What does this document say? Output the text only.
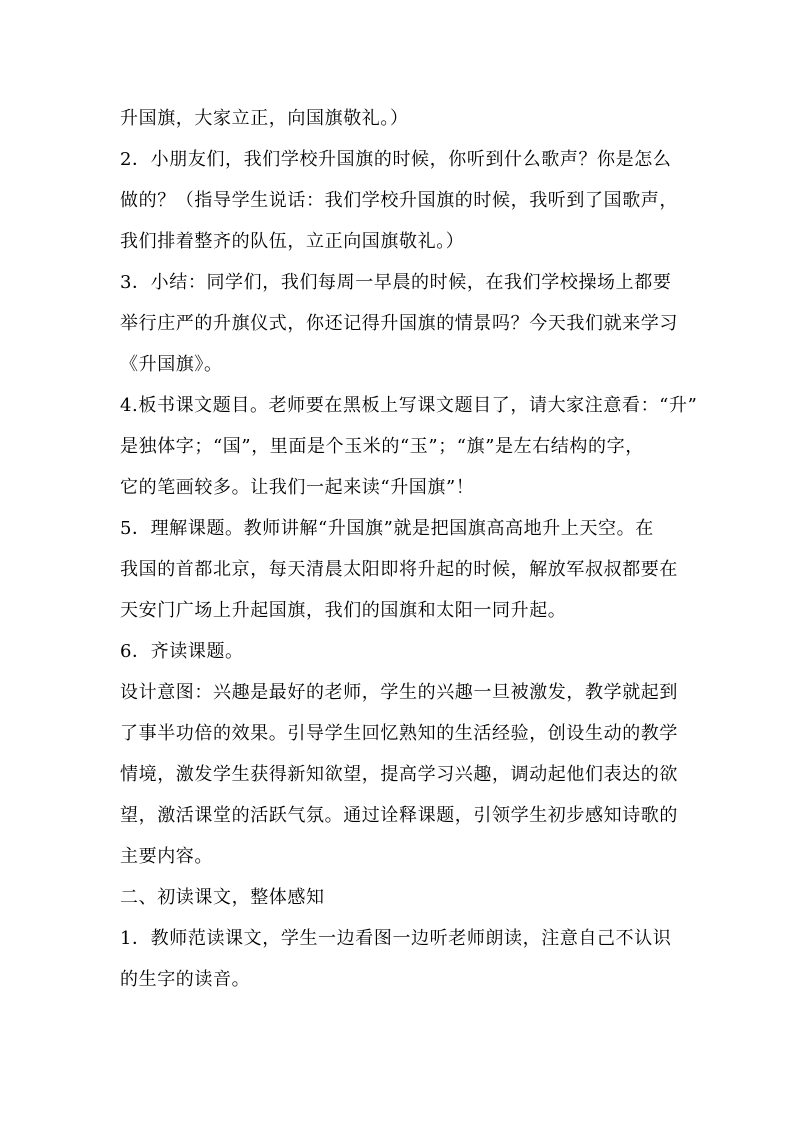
升国旗，大家立正，向国旗敬礼。）
2．小朋友们，我们学校升国旗的时候，你听到什么歌声？你是怎么
做的？（指导学生说话：我们学校升国旗的时候，我听到了国歌声，
我们排着整齐的队伍，立正向国旗敬礼。）
3．小结：同学们，我们每周一早晨的时候，在我们学校操场上都要
举行庄严的升旗仪式，你还记得升国旗的情景吗？今天我们就来学习
《升国旗》。
4.板书课文题目。老师要在黑板上写课文题目了，请大家注意看：“升”
是独体字；“国”，里面是个玉米的“玉”；“旗”是左右结构的字，
它的笔画较多。让我们一起来读“升国旗”！
5．理解课题。教师讲解“升国旗”就是把国旗高高地升上天空。在
我国的首都北京，每天清晨太阳即将升起的时候，解放军叔叔都要在
天安门广场上升起国旗，我们的国旗和太阳一同升起。
6．齐读课题。
设计意图：兴趣是最好的老师，学生的兴趣一旦被激发，教学就起到
了事半功倍的效果。引导学生回忆熟知的生活经验，创设生动的教学
情境，激发学生获得新知欲望，提高学习兴趣，调动起他们表达的欲
望，激活课堂的活跃气氛。通过诠释课题，引领学生初步感知诗歌的
主要内容。
二、初读课文，整体感知
1．教师范读课文，学生一边看图一边听老师朗读，注意自己不认识
的生字的读音。
